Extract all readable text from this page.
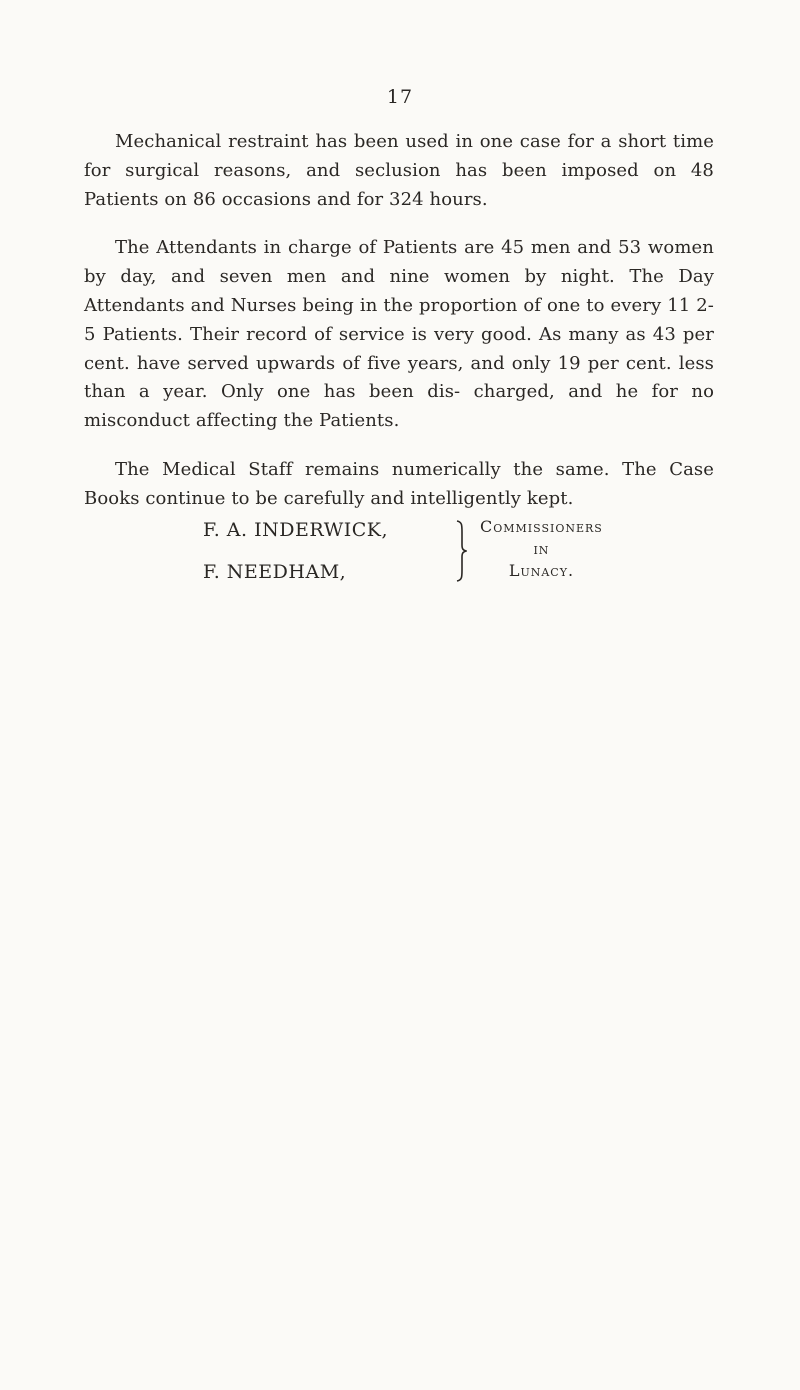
17

Mechanical restraint has been used in one case for a short time for surgical reasons, and seclusion has been imposed on 48 Patients on 86 occasions and for 324 hours.

The Attendants in charge of Patients are 45 men and 53 women by day, and seven men and nine women by night. The Day Attendants and Nurses being in the proportion of one to every 11 2-5 Patients. Their record of service is very good. As many as 43 per cent. have served upwards of five years, and only 19 per cent. less than a year. Only one has been dis- charged, and he for no misconduct affecting the Patients.

The Medical Staff remains numerically the same. The Case Books continue to be carefully and intelligently kept.

F. A. INDERWICK,
F. NEEDHAM,
Commissioners
in
Lunacy.
